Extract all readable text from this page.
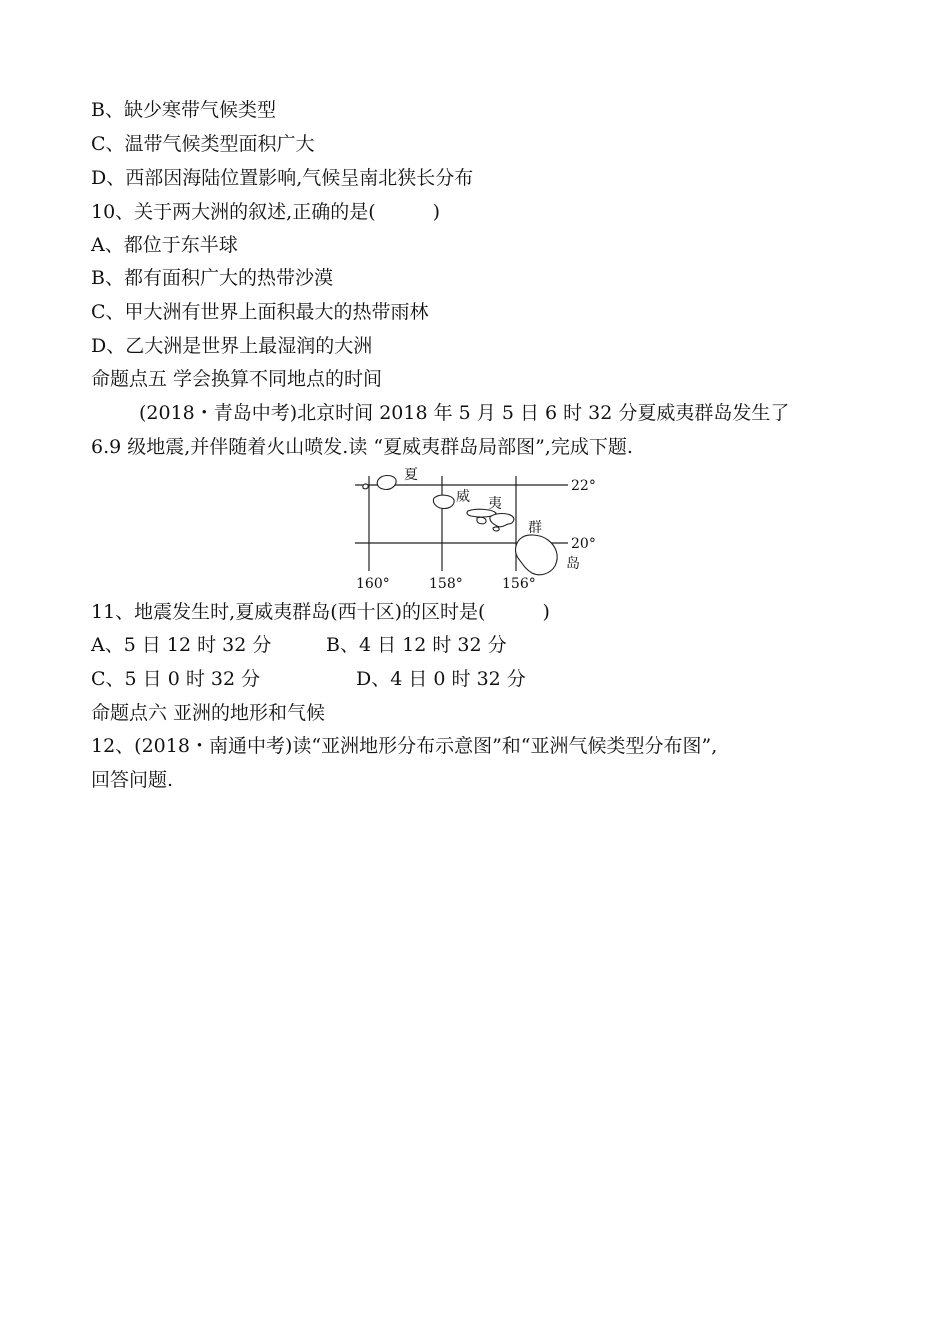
B、缺少寒带气候类型
C、温带气候类型面积广大
D、西部因海陆位置影响,气候呈南北狭长分布
10、关于两大洲的叙述,正确的是(　　　)
A、都位于东半球
B、都有面积广大的热带沙漠
C、甲大洲有世界上面积最大的热带雨林
D、乙大洲是世界上最湿润的大洲
命题点五 学会换算不同地点的时间
(2018・青岛中考)北京时间 2018 年 5 月 5 日 6 时 32 分夏威夷群岛发生了
6.9 级地震,并伴随着火山喷发.读 “夏威夷群岛局部图”,完成下题.
夏
威 夷
群
岛
22°
20°
160°	158°	156°
11、地震发生时,夏威夷群岛(西十区)的区时是(　　　)
A、5 日 12 时 32 分	B、4 日 12 时 32 分
C、5 日 0 时 32 分	D、4 日 0 时 32 分
命题点六 亚洲的地形和气候
12、(2018・南通中考)读“亚洲地形分布示意图”和“亚洲气候类型分布图”,
回答问题.
